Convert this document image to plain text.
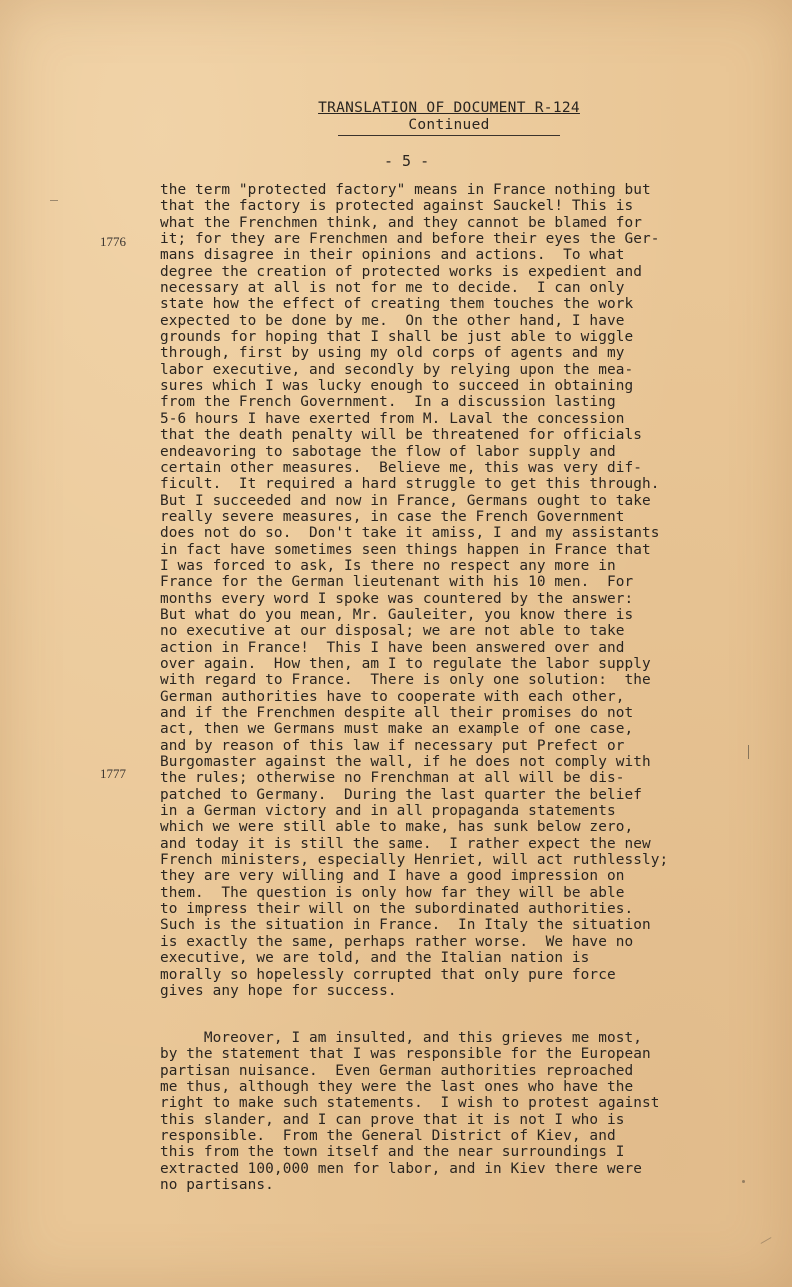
TRANSLATION OF DOCUMENT R-124
Continued
- 5 -
1776
1777
the term "protected factory" means in France nothing but
that the factory is protected against Sauckel! This is
what the Frenchmen think, and they cannot be blamed for
it; for they are Frenchmen and before their eyes the Ger-
mans disagree in their opinions and actions.  To what
degree the creation of protected works is expedient and
necessary at all is not for me to decide.  I can only
state how the effect of creating them touches the work
expected to be done by me.  On the other hand, I have
grounds for hoping that I shall be just able to wiggle
through, first by using my old corps of agents and my
labor executive, and secondly by relying upon the mea-
sures which I was lucky enough to succeed in obtaining
from the French Government.  In a discussion lasting
5-6 hours I have exerted from M. Laval the concession
that the death penalty will be threatened for officials
endeavoring to sabotage the flow of labor supply and
certain other measures.  Believe me, this was very dif-
ficult.  It required a hard struggle to get this through.
But I succeeded and now in France, Germans ought to take
really severe measures, in case the French Government
does not do so.  Don't take it amiss, I and my assistants
in fact have sometimes seen things happen in France that
I was forced to ask, Is there no respect any more in
France for the German lieutenant with his 10 men.  For
months every word I spoke was countered by the answer:
But what do you mean, Mr. Gauleiter, you know there is
no executive at our disposal; we are not able to take
action in France!  This I have been answered over and
over again.  How then, am I to regulate the labor supply
with regard to France.  There is only one solution:  the
German authorities have to cooperate with each other,
and if the Frenchmen despite all their promises do not
act, then we Germans must make an example of one case,
and by reason of this law if necessary put Prefect or
Burgomaster against the wall, if he does not comply with
the rules; otherwise no Frenchman at all will be dis-
patched to Germany.  During the last quarter the belief
in a German victory and in all propaganda statements
which we were still able to make, has sunk below zero,
and today it is still the same.  I rather expect the new
French ministers, especially Henriet, will act ruthlessly;
they are very willing and I have a good impression on
them.  The question is only how far they will be able
to impress their will on the subordinated authorities.
Such is the situation in France.  In Italy the situation
is exactly the same, perhaps rather worse.  We have no
executive, we are told, and the Italian nation is
morally so hopelessly corrupted that only pure force
gives any hope for success.
Moreover, I am insulted, and this grieves me most,
by the statement that I was responsible for the European
partisan nuisance.  Even German authorities reproached
me thus, although they were the last ones who have the
right to make such statements.  I wish to protest against
this slander, and I can prove that it is not I who is
responsible.  From the General District of Kiev, and
this from the town itself and the near surroundings I
extracted 100,000 men for labor, and in Kiev there were
no partisans.
